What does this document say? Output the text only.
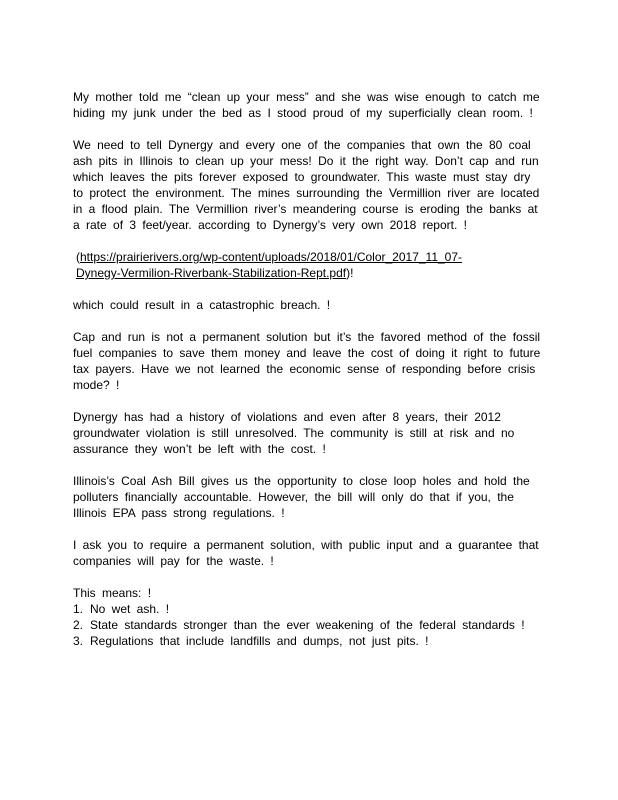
My mother told me “clean up your mess” and she was wise enough to catch me hiding my junk under the bed as I stood proud of my superficially clean room. !

We need to tell Dynergy and every one of the companies that own the 80 coal ash pits in Illinois to clean up your mess! Do it the right way. Don’t cap and run which leaves the pits forever exposed to groundwater. This waste must stay dry to protect the environment. The mines surrounding the Vermillion river are located in a flood plain. The Vermillion river’s meandering course is eroding the banks at a rate of 3 feet/year. according to Dynergy’s very own 2018 report. !

(https://prairierivers.org/wp-content/uploads/2018/01/Color_2017_11_07-
Dynegy-Vermilion-Riverbank-Stabilization-Rept.pdf)!

which could result in a catastrophic breach. !

Cap and run is not a permanent solution but it’s the favored method of the fossil fuel companies to save them money and leave the cost of doing it right to future tax payers. Have we not learned the economic sense of responding before crisis mode? !

Dynergy has had a history of violations and even after 8 years, their 2012 groundwater violation is still unresolved. The community is still at risk and no assurance they won’t be left with the cost. !

Illinois’s Coal Ash Bill gives us the opportunity to close loop holes and hold the polluters financially accountable. However, the bill will only do that if you, the Illinois EPA pass strong regulations. !

I ask you to require a permanent solution, with public input and a guarantee that companies will pay for the waste. !

This means: !

1. No wet ash. !
2. State standards stronger than the ever weakening of the federal standards !
3. Regulations that include landfills and dumps, not just pits. !
